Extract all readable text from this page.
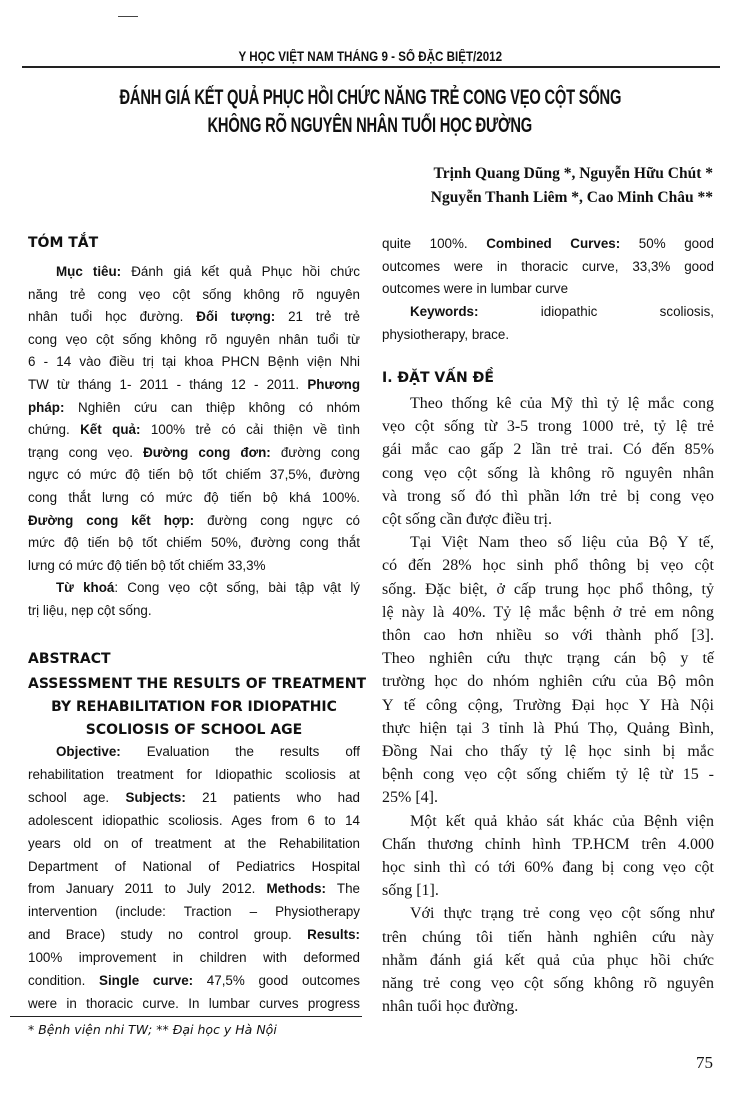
Y HỌC VIỆT NAM THÁNG 9 - SỐ ĐẶC BIỆT/2012
ĐÁNH GIÁ KẾT QUẢ PHỤC HỒI CHỨC NĂNG TRẺ CONG VẸO CỘT SỐNG
KHÔNG RÕ NGUYÊN NHÂN TUỔI HỌC ĐƯỜNG
Trịnh Quang Dũng *, Nguyễn Hữu Chút *
Nguyễn Thanh Liêm *, Cao Minh Châu **
TÓM TẮT
Mục tiêu: Đánh giá kết quả Phục hồi chức
năng trẻ cong vẹo cột sống không rõ nguyên
nhân tuổi học đường. Đối tượng: 21 trẻ trẻ
cong vẹo cột sống không rõ nguyên nhân tuổi từ
6 - 14 vào điều trị tại khoa PHCN Bệnh viện Nhi
TW từ tháng 1- 2011 - tháng 12 - 2011. Phương
pháp: Nghiên cứu can thiệp không có nhóm
chứng. Kết quả: 100% trẻ có cải thiện về tình
trạng cong vẹo. Đường cong đơn: đường cong
ngực có mức độ tiến bộ tốt chiếm 37,5%, đường
cong thắt lưng có mức độ tiến bộ khá 100%.
Đường cong kết hợp: đường cong ngực có
mức độ tiến bộ tốt chiếm 50%, đường cong thắt
lưng có mức độ tiến bộ tốt chiếm 33,3%
Từ khoá: Cong vẹo cột sống, bài tập vật lý
trị liệu, nẹp cột sống.
ABSTRACT
ASSESSMENT THE RESULTS OF TREATMENT
BY REHABILITATION FOR IDIOPATHIC
SCOLIOSIS OF SCHOOL AGE
Objective: Evaluation the results off
rehabilitation treatment for Idiopathic scoliosis at
school age. Subjects: 21 patients who had
adolescent idiopathic scoliosis. Ages from 6 to 14
years old on of treatment at the Rehabilitation
Department of National of Pediatrics Hospital
from January 2011 to July 2012. Methods: The
intervention (include: Traction – Physiotherapy
and Brace) study no control group. Results:
100% improvement in children with deformed
condition. Single curve: 47,5% good outcomes
were in thoracic curve. In lumbar curves progress
* Bệnh viện nhi TW; ** Đại học y Hà Nội
quite 100%. Combined Curves: 50% good
outcomes were in thoracic curve, 33,3% good
outcomes were in lumbar curve
Keywords: idiopathic scoliosis,
physiotherapy, brace.
I. ĐẶT VẤN ĐỀ
Theo thống kê của Mỹ thì tỷ lệ mắc cong
vẹo cột sống từ 3-5 trong 1000 trẻ, tỷ lệ trẻ
gái mắc cao gấp 2 lần trẻ trai. Có đến 85%
cong vẹo cột sống là không rõ nguyên nhân
và trong số đó thì phần lớn trẻ bị cong vẹo
cột sống cần được điều trị.
Tại Việt Nam theo số liệu của Bộ Y tế,
có đến 28% học sinh phổ thông bị vẹo cột
sống. Đặc biệt, ở cấp trung học phổ thông, tỷ
lệ này là 40%. Tỷ lệ mắc bệnh ở trẻ em nông
thôn cao hơn nhiều so với thành phố [3].
Theo nghiên cứu thực trạng cán bộ y tế
trường học do nhóm nghiên cứu của Bộ môn
Y tế công cộng, Trường Đại học Y Hà Nội
thực hiện tại 3 tỉnh là Phú Thọ, Quảng Bình,
Đồng Nai cho thấy tỷ lệ học sinh bị mắc
bệnh cong vẹo cột sống chiếm tỷ lệ từ 15 -
25% [4].
Một kết quả khảo sát khác của Bệnh viện
Chấn thương chỉnh hình TP.HCM trên 4.000
học sinh thì có tới 60% đang bị cong vẹo cột
sống [1].
Với thực trạng trẻ cong vẹo cột sống như
trên chúng tôi tiến hành nghiên cứu này
nhằm đánh giá kết quả của phục hồi chức
năng trẻ cong vẹo cột sống không rõ nguyên
nhân tuổi học đường.
75
